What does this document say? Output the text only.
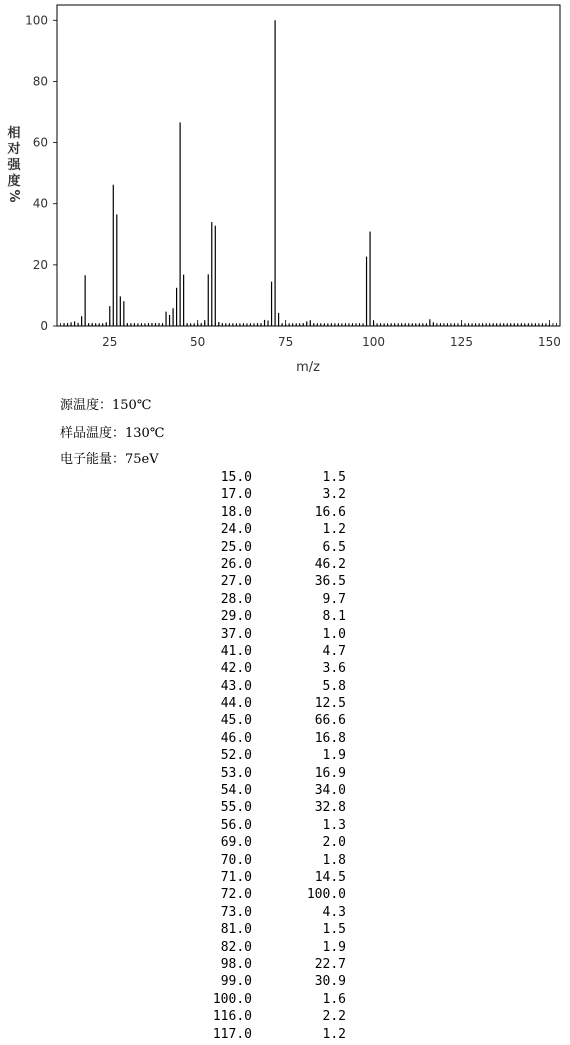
25	50	75	100	125	150
0
20
40
60
80
100
m/z
相对强度
%
源温度：150℃
样品温度：130℃
电子能量：75eV
15.0	1.5
17.0	3.2
18.0	16.6
24.0	1.2
25.0	6.5
26.0	46.2
27.0	36.5
28.0	9.7
29.0	8.1
37.0	1.0
41.0	4.7
42.0	3.6
43.0	5.8
44.0	12.5
45.0	66.6
46.0	16.8
52.0	1.9
53.0	16.9
54.0	34.0
55.0	32.8
56.0	1.3
69.0	2.0
70.0	1.8
71.0	14.5
72.0	100.0
73.0	4.3
81.0	1.5
82.0	1.9
98.0	22.7
99.0	30.9
100.0	1.6
116.0	2.2
117.0	1.2
